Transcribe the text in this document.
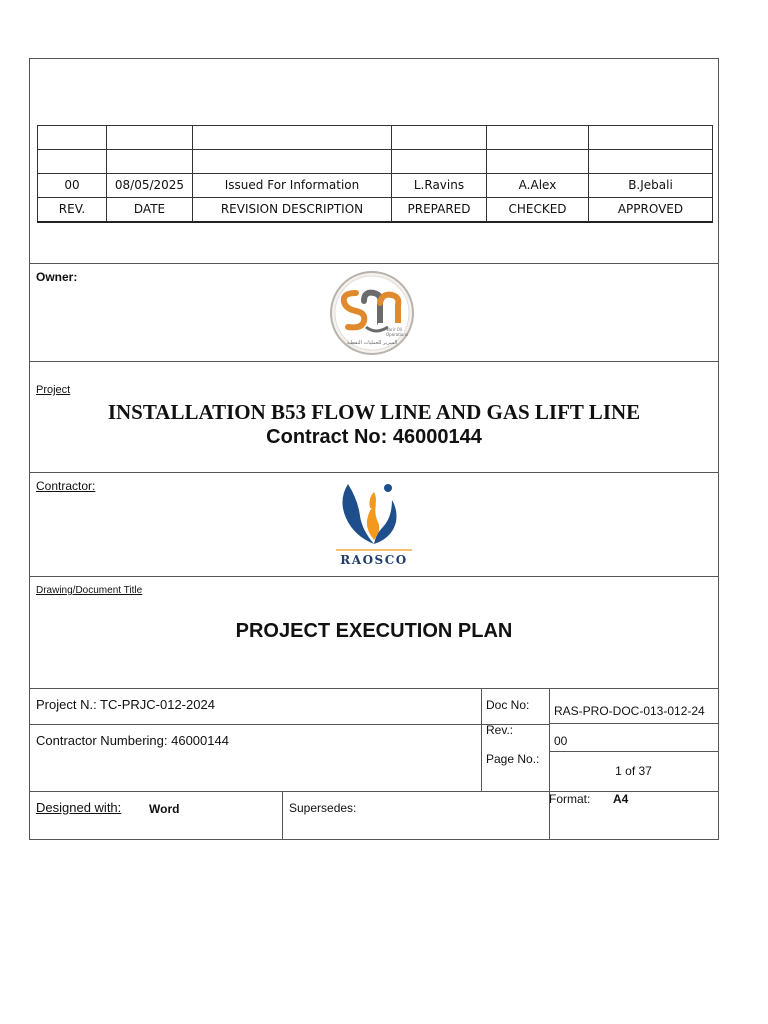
00	08/05/2025	Issued For Information	L.Ravins	A.Alex	B.Jebali
REV.	DATE	REVISION DESCRIPTION	PREPARED	CHECKED	APPROVED
Owner:
Sarir Oil
Operations
السرير للعمليات النفطية
Project
INSTALLATION B53 FLOW LINE AND GAS LIFT LINE
Contract No: 46000144
Contractor:
RAOSCO
Drawing/Document Title
PROJECT EXECUTION PLAN
Project N.: TC-PRJC-012-2024
Contractor Numbering: 46000144
Doc No: RAS-PRO-DOC-013-012-24
Rev.:
00
Page No.:
1 of 37
Designed with: Word	Supersedes:
Format: A4
